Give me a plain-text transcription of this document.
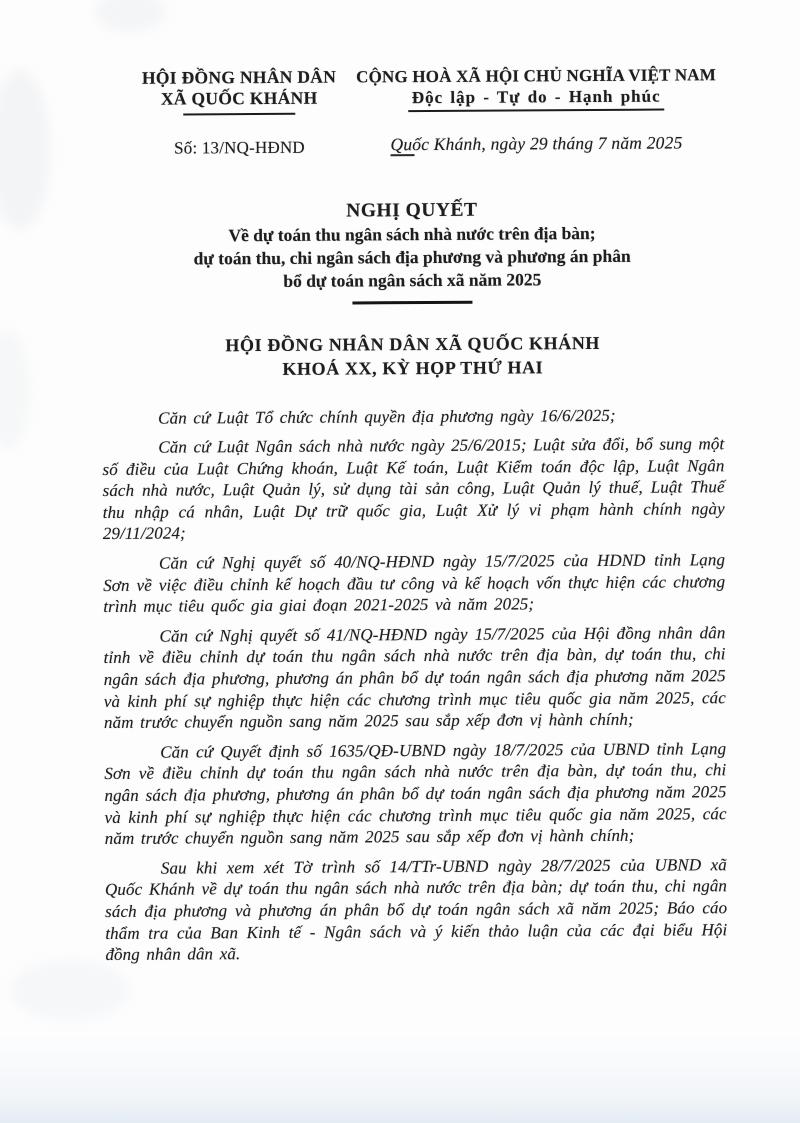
HỘI ĐỒNG NHÂN DÂN
XÃ QUỐC KHÁNH
Số: 13/NQ-HĐND
CỘNG HOÀ XÃ HỘI CHỦ NGHĨA VIỆT NAM
Độc lập - Tự do - Hạnh phúc
Quốc Khánh, ngày 29 tháng 7 năm 2025
NGHỊ QUYẾT
Về dự toán thu ngân sách nhà nước trên địa bàn;
dự toán thu, chi ngân sách địa phương và phương án phân
bổ dự toán ngân sách xã năm 2025
HỘI ĐỒNG NHÂN DÂN XÃ QUỐC KHÁNH
KHOÁ XX, KỲ HỌP THỨ HAI

Căn cứ Luật Tổ chức chính quyền địa phương ngày 16/6/2025;

Căn cứ Luật Ngân sách nhà nước ngày 25/6/2015; Luật sửa đổi, bổ sung một số điều của Luật Chứng khoán, Luật Kế toán, Luật Kiểm toán độc lập, Luật Ngân sách nhà nước, Luật Quản lý, sử dụng tài sản công, Luật Quản lý thuế, Luật Thuế thu nhập cá nhân, Luật Dự trữ quốc gia, Luật Xử lý vi phạm hành chính ngày 29/11/2024;

Căn cứ Nghị quyết số 40/NQ-HĐND ngày 15/7/2025 của HDND tỉnh Lạng Sơn về việc điều chỉnh kế hoạch đầu tư công và kế hoạch vốn thực hiện các chương trình mục tiêu quốc gia giai đoạn 2021-2025 và năm 2025;

Căn cứ Nghị quyết số 41/NQ-HĐND ngày 15/7/2025 của Hội đồng nhân dân tỉnh về điều chỉnh dự toán thu ngân sách nhà nước trên địa bàn, dự toán thu, chi ngân sách địa phương, phương án phân bổ dự toán ngân sách địa phương năm 2025 và kinh phí sự nghiệp thực hiện các chương trình mục tiêu quốc gia năm 2025, các năm trước chuyển nguồn sang năm 2025 sau sắp xếp đơn vị hành chính;

Căn cứ Quyết định số 1635/QĐ-UBND ngày 18/7/2025 của UBND tỉnh Lạng Sơn về điều chỉnh dự toán thu ngân sách nhà nước trên địa bàn, dự toán thu, chi ngân sách địa phương, phương án phân bổ dự toán ngân sách địa phương năm 2025 và kinh phí sự nghiệp thực hiện các chương trình mục tiêu quốc gia năm 2025, các năm trước chuyển nguồn sang năm 2025 sau sắp xếp đơn vị hành chính;

Sau khi xem xét Tờ trình số 14/TTr-UBND ngày 28/7/2025 của UBND xã Quốc Khánh về dự toán thu ngân sách nhà nước trên địa bàn; dự toán thu, chi ngân sách địa phương và phương án phân bổ dự toán ngân sách xã năm 2025; Báo cáo thẩm tra của Ban Kinh tế - Ngân sách và ý kiến thảo luận của các đại biểu Hội đồng nhân dân xã.
